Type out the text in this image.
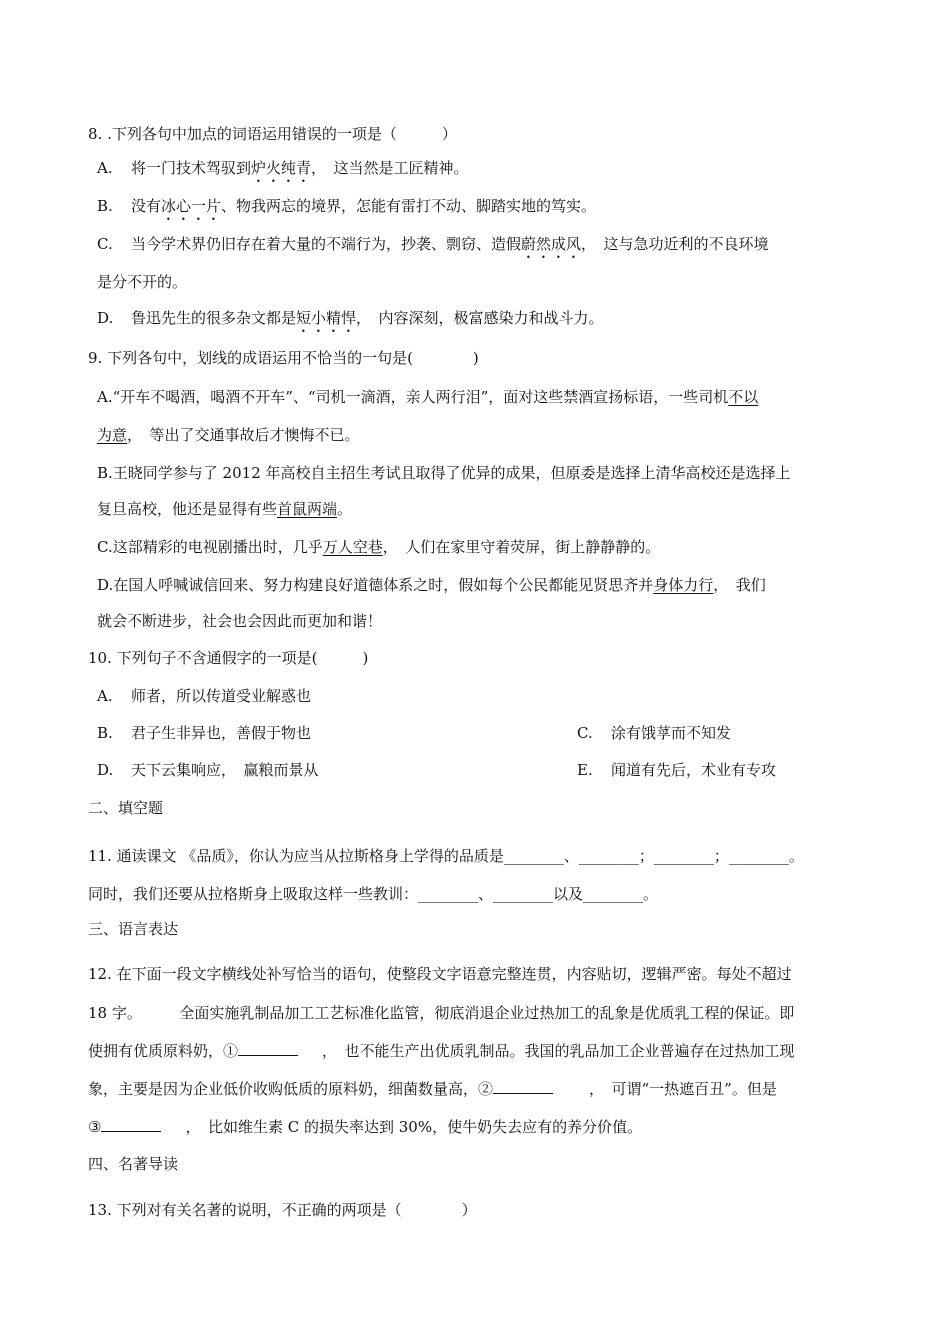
8. .下列各句中加点的词语运用错误的一项是（　　　）
A. 将一门技术驾驭到炉火纯青，　这当然是工匠精神。
B. 没有冰心一片、物我两忘的境界，怎能有雷打不动、脚踏实地的笃实。
C. 当今学术界仍旧存在着大量的不端行为，抄袭、剽窃、造假蔚然成风，　这与急功近利的不良环境
是分不开的。
D. 鲁迅先生的很多杂文都是短小精悍，　内容深刻，极富感染力和战斗力。
9. 下列各句中，划线的成语运用不恰当的一句是(　　　　)
A.“开车不喝酒，喝酒不开车”、“司机一滴酒，亲人两行泪”，面对这些禁酒宣扬标语，一些司机不以
为意，　等出了交通事故后才懊悔不已。
B.王晓同学参与了 2012 年高校自主招生考试且取得了优异的成果，但原委是选择上清华高校还是选择上
复旦高校，他还是显得有些首鼠两端。
C.这部精彩的电视剧播出时，几乎万人空巷，　人们在家里守着荧屏，街上静静静的。
D.在国人呼喊诚信回来、努力构建良好道德体系之时，假如每个公民都能见贤思齐并身体力行，　我们
就会不断进步，社会也会因此而更加和谐！
10. 下列句子不含通假字的一项是(　　　)
A. 师者，所以传道受业解惑也
B. 君子生非异也，善假于物也	C. 涂有饿莩而不知发
D. 天下云集响应，　赢粮而景从	E. 闻道有先后，术业有专攻
二、填空题
11. 通读课文 《品质》，你认为应当从拉斯格身上学得的品质是________、________；________；________。
同时，我们还要从拉格斯身上吸取这样一些教训：________、________以及________。
三、语言表达
12. 在下面一段文字横线处补写恰当的语句，使整段文字语意完整连贯，内容贴切，逻辑严密。每处不超过
18 字。　　　全面实施乳制品加工工艺标准化监管，彻底消退企业过热加工的乱象是优质乳工程的保证。即
使拥有优质原料奶，①	，　也不能生产出优质乳制品。我国的乳品加工企业普遍存在过热加工现
象，主要是因为企业低价收购低质的原料奶，细菌数量高，②	，　可谓“一热遮百丑”。但是
③	，　比如维生素 C 的损失率达到 30%，使牛奶失去应有的养分价值。
四、名著导读
13. 下列对有关名著的说明，不正确的两项是（　　　　）
